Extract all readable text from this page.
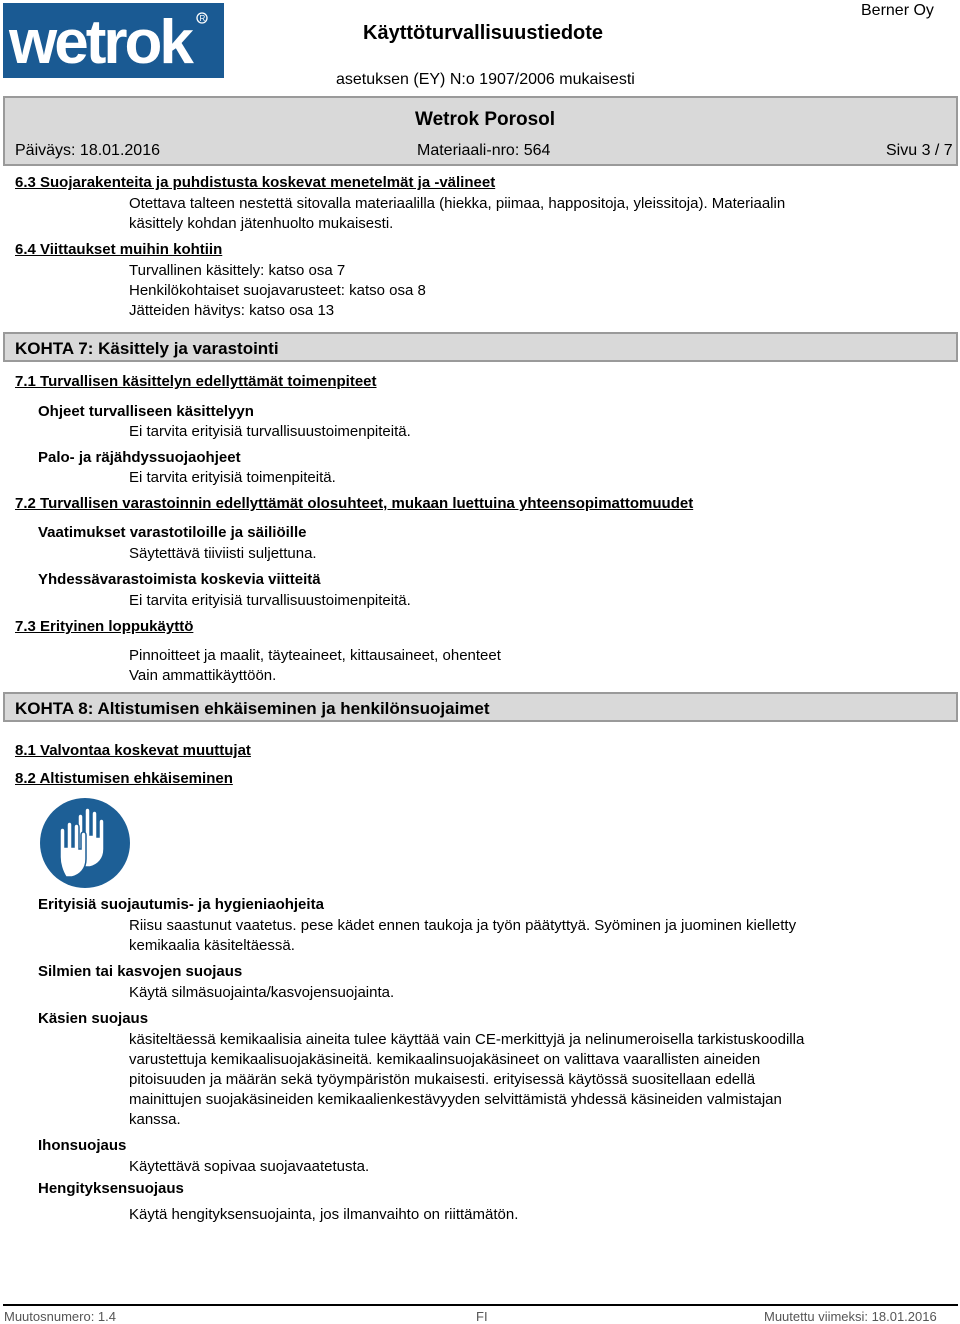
wetrok	R
Käyttöturvallisuustiedote
Berner Oy
asetuksen (EY) N:o 1907/2006 mukaisesti
Wetrok Porosol
Päiväys: 18.01.2016	Materiaali-nro: 564	Sivu 3 / 7
6.3 Suojarakenteita ja puhdistusta koskevat menetelmät ja -välineet
Otettava talteen nestettä sitovalla materiaalilla (hiekka, piimaa, happositoja, yleissitoja). Materiaalin
käsittely kohdan jätenhuolto mukaisesti.
6.4 Viittaukset muihin kohtiin
Turvallinen käsittely: katso osa 7
Henkilökohtaiset suojavarusteet: katso osa 8
Jätteiden hävitys: katso osa 13
KOHTA 7: Käsittely ja varastointi
7.1 Turvallisen käsittelyn edellyttämät toimenpiteet
Ohjeet turvalliseen käsittelyyn
Ei tarvita erityisiä turvallisuustoimenpiteitä.
Palo- ja räjähdyssuojaohjeet
Ei tarvita erityisiä toimenpiteitä.
7.2 Turvallisen varastoinnin edellyttämät olosuhteet, mukaan luettuina yhteensopimattomuudet
Vaatimukset varastotiloille ja säiliöille
Säytettävä tiiviisti suljettuna.
Yhdessävarastoimista koskevia viitteitä
Ei tarvita erityisiä turvallisuustoimenpiteitä.
7.3 Erityinen loppukäyttö
Pinnoitteet ja maalit, täyteaineet, kittausaineet, ohenteet
Vain ammattikäyttöön.
KOHTA 8: Altistumisen ehkäiseminen ja henkilönsuojaimet
8.1 Valvontaa koskevat muuttujat
8.2 Altistumisen ehkäiseminen
Erityisiä suojautumis- ja hygieniaohjeita
Riisu saastunut vaatetus. pese kädet ennen taukoja ja työn päätyttyä. Syöminen ja juominen kielletty
kemikaalia käsiteltäessä.
Silmien tai kasvojen suojaus
Käytä silmäsuojainta/kasvojensuojainta.
Käsien suojaus
käsiteltäessä kemikaalisia aineita tulee käyttää vain CE-merkittyjä ja nelinumeroisella tarkistuskoodilla
varustettuja kemikaalisuojakäsineitä. kemikaalinsuojakäsineet on valittava vaarallisten aineiden
pitoisuuden ja määrän sekä työympäristön mukaisesti. erityisessä käytössä suositellaan edellä
mainittujen suojakäsineiden kemikaalienkestävyyden selvittämistä yhdessä käsineiden valmistajan
kanssa.
Ihonsuojaus
Käytettävä sopivaa suojavaatetusta.
Hengityksensuojaus
Käytä hengityksensuojainta, jos ilmanvaihto on riittämätön.
Muutosnumero: 1.4	FI	Muutettu viimeksi: 18.01.2016
